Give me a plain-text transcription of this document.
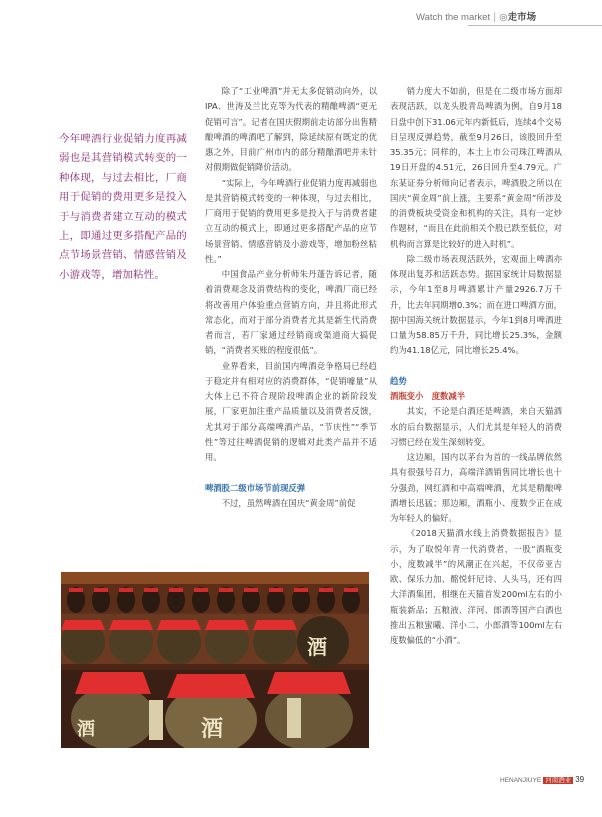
Watch the market | ◎走市场
今年啤酒行业促销力度再减弱也是其营销模式转变的一种体现，与过去相比，厂商用于促销的费用更多是投入于与消费者建立互动的模式上，即通过更多搭配产品的点节场景营销、情感营销及小游戏等，增加粘性。

除了“工业啤酒”并无太多促销动向外，以IPA、世涛及兰比克等为代表的精酿啤酒“更无促销可言”。记者在国庆假期前走访部分出售精酿啤酒的啤酒吧了解到，除延续原有既定的优惠之外，目前广州市内的部分精酿酒吧并未针对假期做促销降价活动。

“实际上，今年啤酒行业促销力度再减弱也是其营销模式转变的一种体现，与过去相比，厂商用于促销的费用更多是投入于与消费者建立互动的模式上，即通过更多搭配产品的应节场景营销、情感营销及小游戏等，增加粉丝粘性。”

中国食品产业分析师朱丹蓬告诉记者，随着消费观念及消费结构的变化，啤酒厂商已经将改善用户体验重点营销方向，并且将此形式常态化，而对于部分消费者尤其是新生代消费者而言，若厂家通过经销商或渠道商大搞促销，“消费者买账的程度很低”。

业界看来，目前国内啤酒竞争格局已经趋于稳定并有相对应的消费群体，“促销噱量”从大体上已不符合现阶段啤酒企业的新阶段发展，厂家更加注重产品质量以及消费者反馈，尤其对于部分高端啤酒产品，“节庆性”“季节性”等过往啤酒促销的逻辑对此类产品并不适用。

啤酒股二级市场节前现反弹

不过，虽然啤酒在国庆“黄金周”前促

销力度大不如前，但是在二级市场方面却表现活跃，以龙头股青岛啤酒为例，自9月18日盘中创下31.06元年内新低后，连续4个交易日呈现反弹趋势，截至9月26日，该股回升至35.35元；同样的，本土上市公司珠江啤酒从19日开盘的4.51元，26日回升至4.79元。广东某证券分析师向记者表示，啤酒股之所以在国庆“黄金周”前上涨，主要系“黄金周”所涉及的消费板块受资金和机构的关注，具有一定炒作题材，“而且在此前相关个股已跌至低位，对机构而言算是比较好的进入时机”。

除二级市场表现活跃外，宏观面上啤酒亦体现出复苏和活跃态势。据国家统计局数据显示，今年1至8月啤酒累计产量2926.7万千升，比去年同期增0.3%；而在进口啤酒方面，据中国海关统计数据显示，今年1到8月啤酒进口量为58.85万千升，同比增长25.3%，金额约为41.18亿元，同比增长25.4%。

趋势

酒瓶变小　度数减半

其实，不论是白酒还是啤酒，来自天猫酒水的后台数据显示，人们尤其是年轻人的消费习惯已经在发生深刻转变。

这边厢，国内以茅台为首的一线品牌依然具有很强号召力，高端洋酒销售同比增长也十分强劲，网红酒和中高端啤酒，尤其是精酿啤酒增长迅猛；那边厢，酒瓶小、度数少正在成为年轻人的偏好。

《2018天猫酒水线上消费数据报告》显示，为了取悦年青一代消费者，一股“酒瓶变小，度数减半”的风潮正在兴起，不仅帝亚吉欧、保乐力加、酩悦轩尼诗、人头马，还有四大洋酒集团，相继在天猫首发200ml左右的小瓶装新品；五粮液、洋河、郎酒等国产白酒也推出五粮蜜曦、洋小二、小郎酒等100ml左右度数偏低的“小酒”。

酒
酒
酒
HENANJIUYE 河南酒业 39
